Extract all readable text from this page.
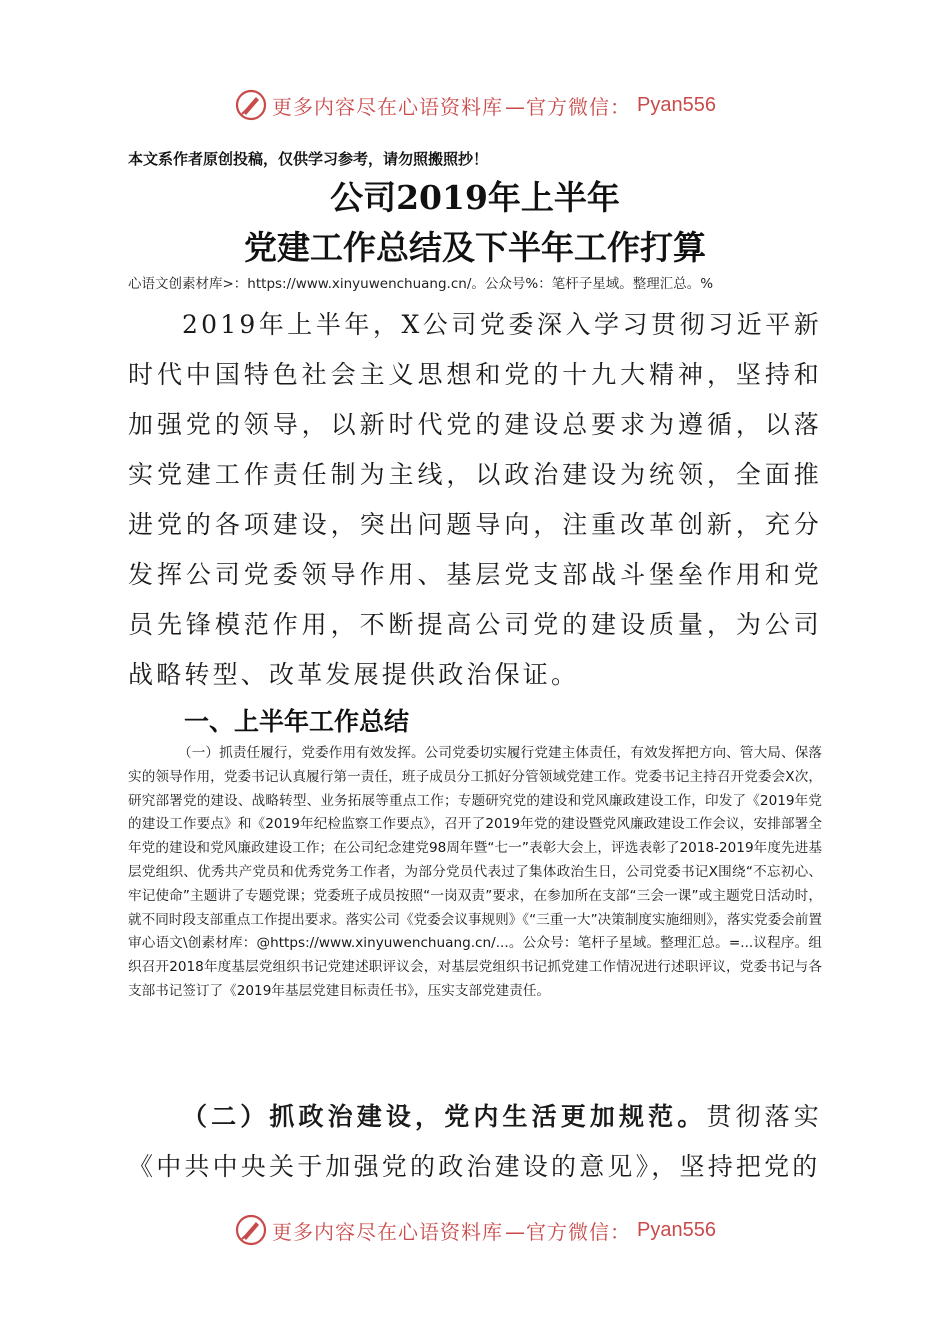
更多内容尽在心语资料库 —官方微信： Pyan556
本文系作者原创投稿，仅供学习参考，请勿照搬照抄！
公司2019年上半年
党建工作总结及下半年工作打算
心语文创素材库>：https://www.xinyuwenchuang.cn/。公众号%：笔杆子星域。整理汇总。%

2019年上半年，X公司党委深入学习贯彻习近平新时代中国特色社会主义思想和党的十九大精神，坚持和加强党的领导，以新时代党的建设总要求为遵循，以落实党建工作责任制为主线，以政治建设为统领，全面推进党的各项建设，突出问题导向，注重改革创新，充分发挥公司党委领导作用、基层党支部战斗堡垒作用和党员先锋模范作用，不断提高公司党的建设质量，为公司战略转型、改革发展提供政治保证。

一、上半年工作总结

（一）抓责任履行，党委作用有效发挥。公司党委切实履行党建主体责任，有效发挥把方向、管大局、保落实的领导作用，党委书记认真履行第一责任，班子成员分工抓好分管领域党建工作。党委书记主持召开党委会X次，研究部署党的建设、战略转型、业务拓展等重点工作；专题研究党的建设和党风廉政建设工作，印发了《2019年党的建设工作要点》和《2019年纪检监察工作要点》，召开了2019年党的建设暨党风廉政建设工作会议，安排部署全年党的建设和党风廉政建设工作；在公司纪念建党98周年暨“七一”表彰大会上，评选表彰了2018-2019年度先进基层党组织、优秀共产党员和优秀党务工作者，为部分党员代表过了集体政治生日，公司党委书记X围绕“不忘初心、牢记使命”主题讲了专题党课；党委班子成员按照“一岗双责”要求，在参加所在支部“三会一课”或主题党日活动时，就不同时段支部重点工作提出要求。落实公司《党委会议事规则》《“三重一大”决策制度实施细则》，落实党委会前置审心语文\创素材库：@https://www.xinyuwenchuang.cn/...。公众号：笔杆子星域。整理汇总。=...议程序。组织召开2018年度基层党组织书记党建述职评议会，对基层党组织书记抓党建工作情况进行述职评议，党委书记与各支部书记签订了《2019年基层党建目标责任书》，压实支部党建责任。

（二）抓政治建设，党内生活更加规范。贯彻落实《中共中央关于加强党的政治建设的意见》，坚持把党的

更多内容尽在心语资料库 —官方微信： Pyan556
